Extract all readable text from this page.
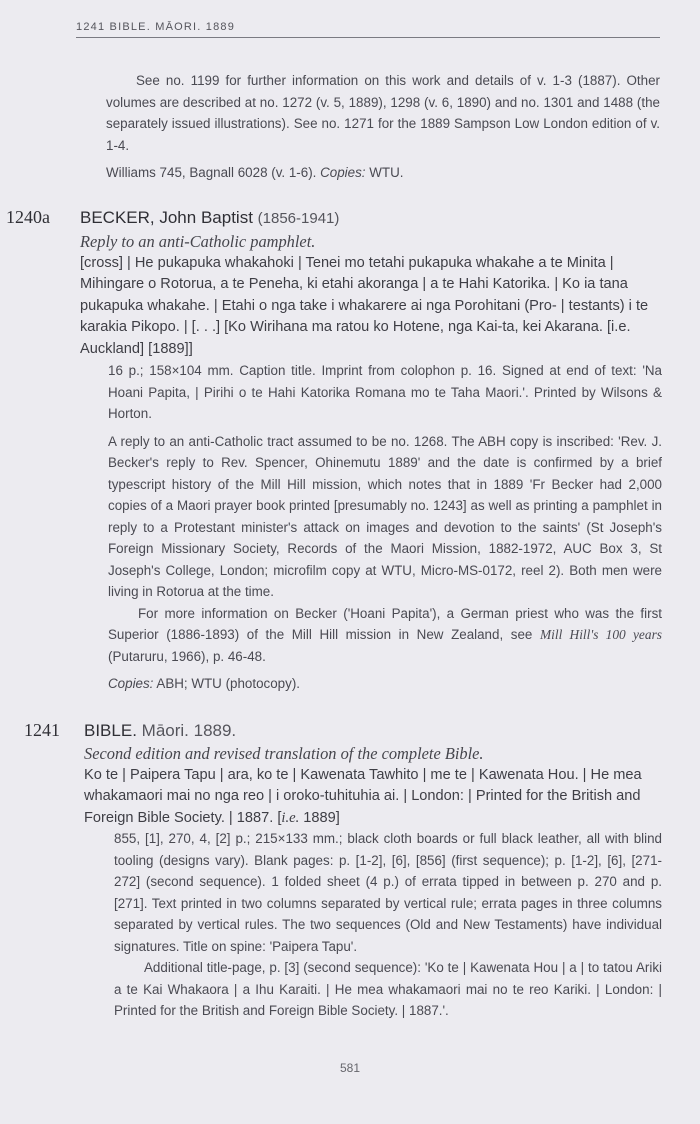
1241 BIBLE. MĀORI. 1889

See no. 1199 for further information on this work and details of v. 1-3 (1887). Other volumes are described at no. 1272 (v. 5, 1889), 1298 (v. 6, 1890) and no. 1301 and 1488 (the separately issued illustrations). See no. 1271 for the 1889 Sampson Low London edition of v. 1-4.

Williams 745, Bagnall 6028 (v. 1-6). Copies: WTU.

1240a BECKER, John Baptist (1856-1941)
Reply to an anti-Catholic pamphlet.

[cross] | He pukapuka whakahoki | Tenei mo tetahi pukapuka whakahe a te Minita | Mihingare o Rotorua, a te Peneha, ki etahi akoranga | a te Hahi Katorika. | Ko ia tana pukapuka whakahe. | Etahi o nga take i whakarere ai nga Porohitani (Pro- | testants) i te karakia Pikopo. | [. . .] [Ko Wirihana ma ratou ko Hotene, nga Kai-ta, kei Akarana. [i.e. Auckland] [1889]]

16 p.; 158×104 mm. Caption title. Imprint from colophon p. 16. Signed at end of text: 'Na Hoani Papita, | Pirihi o te Hahi Katorika Romana mo te Taha Maori.'. Printed by Wilsons & Horton.

A reply to an anti-Catholic tract assumed to be no. 1268. The ABH copy is inscribed: 'Rev. J. Becker's reply to Rev. Spencer, Ohinemutu 1889' and the date is confirmed by a brief typescript history of the Mill Hill mission, which notes that in 1889 'Fr Becker had 2,000 copies of a Maori prayer book printed [presumably no. 1243] as well as printing a pamphlet in reply to a Protestant minister's attack on images and devotion to the saints' (St Joseph's Foreign Missionary Society, Records of the Maori Mission, 1882-1972, AUC Box 3, St Joseph's College, London; microfilm copy at WTU, Micro-MS-0172, reel 2). Both men were living in Rotorua at the time.

For more information on Becker ('Hoani Papita'), a German priest who was the first Superior (1886-1893) of the Mill Hill mission in New Zealand, see Mill Hill's 100 years (Putaruru, 1966), p. 46-48.

Copies: ABH; WTU (photocopy).

1241 BIBLE. Māori. 1889.
Second edition and revised translation of the complete Bible.

Ko te | Paipera Tapu | ara, ko te | Kawenata Tawhito | me te | Kawenata Hou. | He mea whakamaori mai no nga reo | i oroko-tuhituhia ai. | London: | Printed for the British and Foreign Bible Society. | 1887. [i.e. 1889]

855, [1], 270, 4, [2] p.; 215×133 mm.; black cloth boards or full black leather, all with blind tooling (designs vary). Blank pages: p. [1-2], [6], [856] (first sequence); p. [1-2], [6], [271-272] (second sequence). 1 folded sheet (4 p.) of errata tipped in between p. 270 and p. [271]. Text printed in two columns separated by vertical rule; errata pages in three columns separated by vertical rules. The two sequences (Old and New Testaments) have individual signatures. Title on spine: 'Paipera Tapu'.

Additional title-page, p. [3] (second sequence): 'Ko te | Kawenata Hou | a | to tatou Ariki a te Kai Whakaora | a Ihu Karaiti. | He mea whakamaori mai no te reo Kariki. | London: | Printed for the British and Foreign Bible Society. | 1887.'.

581
